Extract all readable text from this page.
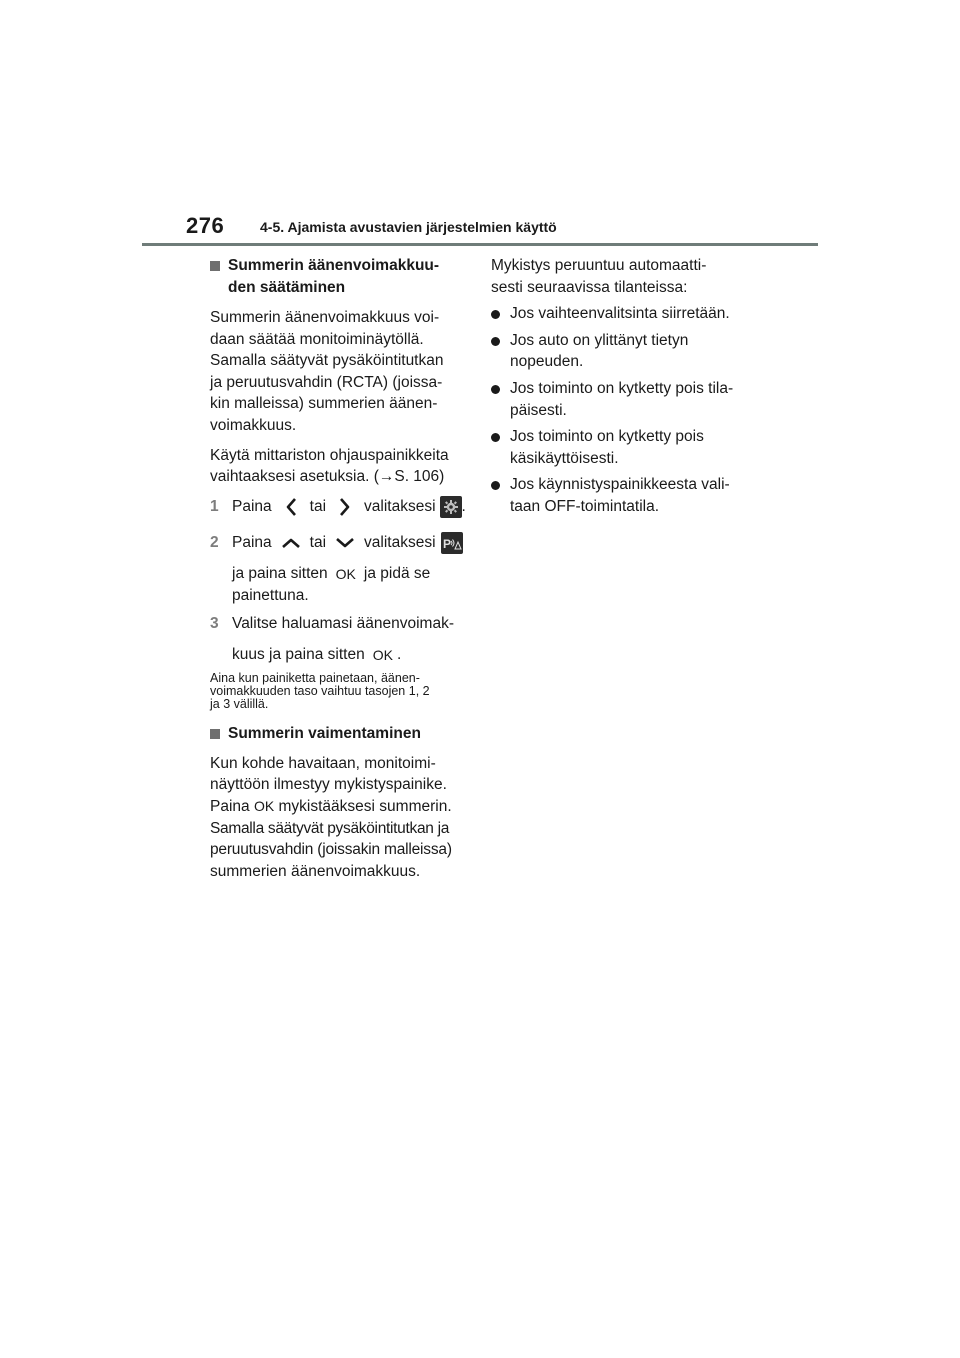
276	4-5. Ajamista avustavien järjestelmien käyttö
Summerin äänenvoimakkuu-
den säätäminen
Summerin äänenvoimakkuus voi-
daan säätää monitoiminäytöllä.
Samalla säätyvät pysäköintitutkan
ja peruutusvahdin (RCTA) (joissa-
kin malleissa) summerien äänen-
voimakkuus.
Käytä mittariston ohjauspainikkeita
vaihtaaksesi asetuksia. (→S. 106)
1 Paina tai valitaksesi .
2 Paina tai valitaksesi P
ja paina sitten OK ja pidä se
painettuna.
3 Valitse haluamasi äänenvoimak-
kuus ja paina sitten OK .
Aina kun painiketta painetaan, äänen-
voimakkuuden taso vaihtuu tasojen 1, 2
ja 3 välillä.
Summerin vaimentaminen
Kun kohde havaitaan, monitoimi-
näyttöön ilmestyy mykistyspainike.
Paina OK mykistääksesi summerin.
Samalla säätyvät pysäköintitutkan ja
peruutusvahdin (joissakin malleissa)
summerien äänenvoimakkuus.
Mykistys peruuntuu automaatti-
sesti seuraavissa tilanteissa:
Jos vaihteenvalitsinta siirretään.
Jos auto on ylittänyt tietyn
nopeuden.
Jos toiminto on kytketty pois tila-
päisesti.
Jos toiminto on kytketty pois
käsikäyttöisesti.
Jos käynnistyspainikkeesta vali-
taan OFF-toimintatila.
